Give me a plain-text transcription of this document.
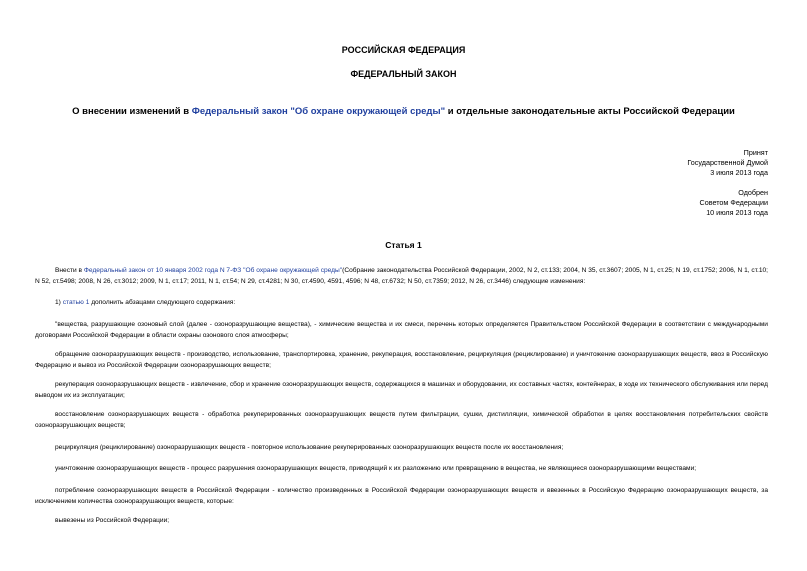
РОССИЙСКАЯ ФЕДЕРАЦИЯ
ФЕДЕРАЛЬНЫЙ ЗАКОН
О внесении изменений в Федеральный закон "Об охране окружающей среды" и отдельные законодательные акты Российской Федерации
Принят
Государственной Думой
3 июля 2013 года
Одобрен
Советом Федерации
10 июля 2013 года
Статья 1
Внести в Федеральный закон от 10 января 2002 года N 7-ФЗ "Об охране окружающей среды"(Собрание законодательства Российской Федерации, 2002, N 2, ст.133; 2004, N 35, ст.3607; 2005, N 1, ст.25; N 19, ст.1752; 2006, N 1, ст.10; N 52, ст.5498; 2008, N 26, ст.3012; 2009, N 1, ст.17; 2011, N 1, ст.54; N 29, ст.4281; N 30, ст.4590, 4591, 4596; N 48, ст.6732; N 50, ст.7359; 2012, N 26, ст.3446) следующие изменения:
1) статью 1 дополнить абзацами следующего содержания:
"вещества, разрушающие озоновый слой (далее - озоноразрушающие вещества), - химические вещества и их смеси, перечень которых определяется Правительством Российской Федерации в соответствии с международными договорами Российской Федерации в области охраны озонового слоя атмосферы;
обращение озоноразрушающих веществ - производство, использование, транспортировка, хранение, рекуперация, восстановление, рециркуляция (рециклирование) и уничтожение озоноразрушающих веществ, ввоз в Российскую Федерацию и вывоз из Российской Федерации озоноразрушающих веществ;
рекуперация озоноразрушающих веществ - извлечение, сбор и хранение озоноразрушающих веществ, содержащихся в машинах и оборудовании, их составных частях, контейнерах, в ходе их технического обслуживания или перед выводом их из эксплуатации;
восстановление озоноразрушающих веществ - обработка рекуперированных озоноразрушающих веществ путем фильтрации, сушки, дистилляции, химической обработки в целях восстановления потребительских свойств озоноразрушающих веществ;
рециркуляция (рециклирование) озоноразрушающих веществ - повторное использование рекуперированных озоноразрушающих веществ после их восстановления;
уничтожение озоноразрушающих веществ - процесс разрушения озоноразрушающих веществ, приводящий к их разложению или превращению в вещества, не являющиеся озоноразрушающими веществами;
потребление озоноразрушающих веществ в Российской Федерации - количество произведенных в Российской Федерации озоноразрушающих веществ и ввезенных в Российскую Федерацию озоноразрушающих веществ, за исключением количества озоноразрушающих веществ, которые:
вывезены из Российской Федерации;
